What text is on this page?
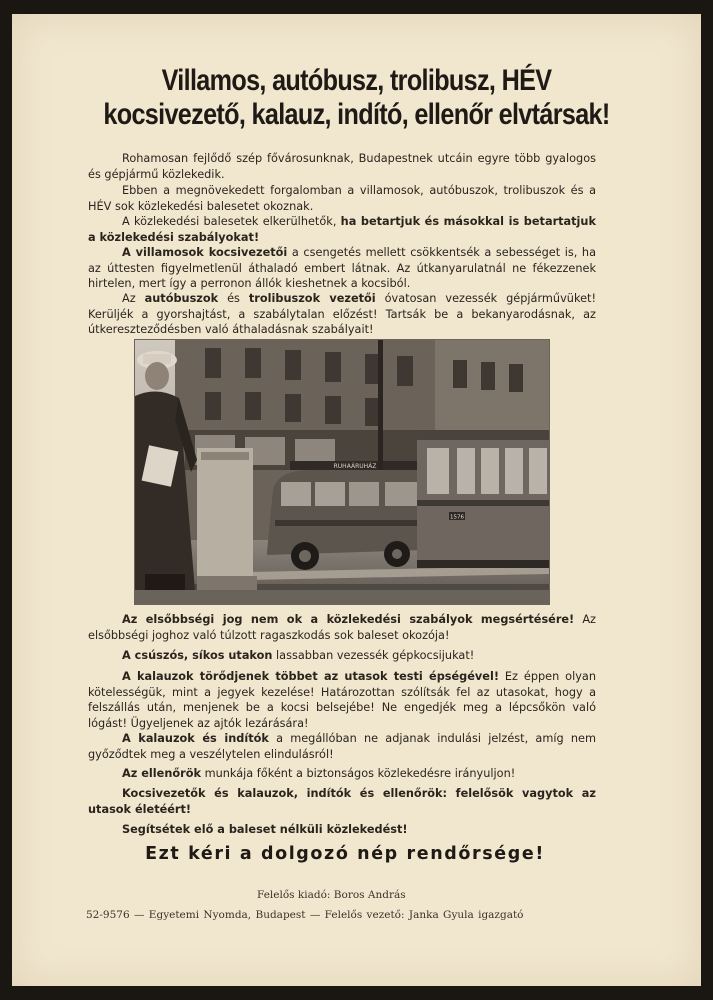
Villamos, autóbusz, trolibusz, HÉV
kocsivezető, kalauz, indító, ellenőr elvtársak!

Rohamosan fejlődő szép fővárosunknak, Budapestnek utcáin egyre több gyalogos és gépjármű közlekedik.

Ebben a megnövekedett forgalomban a villamosok, autóbuszok, trolibuszok és a HÉV sok közlekedési balesetet okoznak.

A közlekedési balesetek elkerülhetők, ha betartjuk és másokkal is betartatjuk a közlekedési szabályokat!

A villamosok kocsivezetői a csengetés mellett csökkentsék a sebességet is, ha az úttesten figyelmetlenül áthaladó embert látnak. Az útkanyarulatnál ne fékezzenek hirtelen, mert így a perronon állók kieshetnek a kocsiból.

Az autóbuszok és trolibuszok vezetői óvatosan vezessék gépjárművüket! Kerüljék a gyorshajtást, a szabálytalan előzést! Tartsák be a bekanyarodásnak, az útkereszteződésben való áthaladásnak szabályait!

RUHAÁRUHÁZ
1576

Az elsőbbségi jog nem ok a közlekedési szabályok megsértésére! Az elsőbbségi joghoz való túlzott ragaszkodás sok baleset okozója!

A csúszós, síkos utakon lassabban vezessék gépkocsijukat!

A kalauzok törődjenek többet az utasok testi épségével! Ez éppen olyan kötelességük, mint a jegyek kezelése! Határozottan szólítsák fel az utasokat, hogy a felszállás után, menjenek be a kocsi belsejébe! Ne engedjék meg a lépcsőkön való lógást! Ügyeljenek az ajtók lezárására!

A kalauzok és indítók a megállóban ne adjanak indulási jelzést, amíg nem győződtek meg a veszélytelen elindulásról!

Az ellenőrök munkája főként a biztonságos közlekedésre irányuljon!

Kocsivezetők és kalauzok, indítók és ellenőrök: felelősök vagytok az utasok életéért!

Segítsétek elő a baleset nélküli közlekedést!

Ezt kéri a dolgozó nép rendőrsége!
Felelős kiadó: Boros András
52-9576 — Egyetemi Nyomda, Budapest — Felelős vezető: Janka Gyula igazgató
